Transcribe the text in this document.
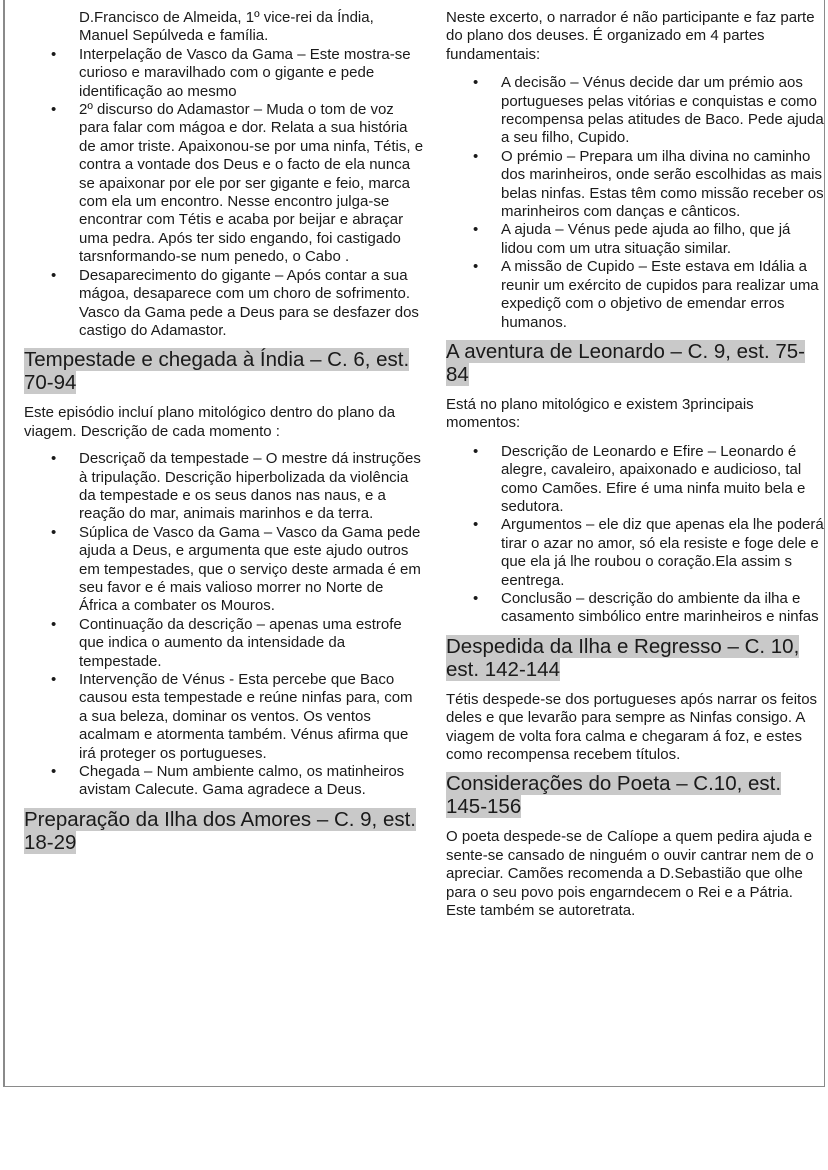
D.Francisco de Almeida, 1º vice-rei da Índia, Manuel Sepúlveda e família.
• Interpelação de Vasco da Gama – Este mostra-se curioso e maravilhado com o gigante e pede identificação ao mesmo
• 2º discurso do Adamastor – Muda o tom de voz para falar com mágoa e dor. Relata a sua história de amor triste. Apaixonou-se por uma ninfa, Tétis, e contra a vontade dos Deus e o facto de ela nunca se apaixonar por ele por ser gigante e feio, marca com ela um encontro. Nesse encontro julga-se encontrar com Tétis e acaba por beijar e abraçar uma pedra. Após ter sido engando, foi castigado tarsnformando-se num penedo, o Cabo .
• Desaparecimento do gigante – Após contar a sua mágoa, desaparece com um choro de sofrimento. Vasco da Gama pede a Deus para se desfazer dos castigo do Adamastor.
Tempestade e chegada à Índia – C. 6, est. 70-94

Este episódio incluí plano mitológico dentro do plano da viagem. Descrição de cada momento :

• Descriçaõ da tempestade – O mestre dá instruções à tripulação. Descrição hiperbolizada da violência da tempestade e os seus danos nas naus, e a reação do mar, animais marinhos e da terra.
• Súplica de Vasco da Gama – Vasco da Gama pede ajuda a Deus, e argumenta que este ajudo outros em tempestades, que o serviço deste armada é em seu favor e é mais valioso morrer no Norte de África a combater os Mouros.
• Continuação da descrição – apenas uma estrofe que indica o aumento da intensidade da tempestade.
• Intervenção de Vénus - Esta percebe que Baco causou esta tempestade e reúne ninfas para, com a sua beleza, dominar os ventos. Os ventos acalmam e atormenta também. Vénus afirma que irá proteger os portugueses.
• Chegada – Num ambiente calmo, os matinheiros avistam Calecute. Gama agradece a Deus.
Preparação da Ilha dos Amores – C. 9, est. 18-29

Neste excerto, o narrador é não participante e faz parte do plano dos deuses. É organizado em 4 partes fundamentais:

• A decisão – Vénus decide dar um prémio aos portugueses pelas vitórias e conquistas e como recompensa pelas atitudes de Baco. Pede ajuda a seu filho, Cupido.
• O prémio – Prepara um ilha divina no caminho dos marinheiros, onde serão escolhidas as mais belas ninfas. Estas têm como missão receber os marinheiros com danças e cânticos.
• A ajuda – Vénus pede ajuda ao filho, que já lidou com um utra situação similar.
• A missão de Cupido – Este estava em Idália a reunir um exército de cupidos para realizar uma expediçõ com o objetivo de emendar erros humanos.
A aventura de Leonardo – C. 9, est. 75-84

Está no plano mitológico e existem 3principais momentos:

• Descrição de Leonardo e Efire – Leonardo é alegre, cavaleiro, apaixonado e audicioso, tal como Camões. Efire é uma ninfa muito bela e sedutora.
• Argumentos – ele diz que apenas ela lhe poderá tirar o azar no amor, só ela resiste e foge dele e que ela já lhe roubou o coração.Ela assim s eentrega.
• Conclusão – descrição do ambiente da ilha e casamento simbólico entre marinheiros e ninfas
Despedida da Ilha e Regresso – C. 10, est. 142-144

Tétis despede-se dos portugueses após narrar os feitos deles e que levarão para sempre as Ninfas consigo. A viagem de volta fora calma e chegaram á foz, e estes como recompensa recebem títulos.

Considerações do Poeta – C.10, est. 145-156

O poeta despede-se de Calíope a quem pedira ajuda e sente-se cansado de ninguém o ouvir cantrar nem de o apreciar. Camões recomenda a D.Sebastião que olhe para o seu povo pois engarndecem o Rei e a Pátria. Este também se autoretrata.
